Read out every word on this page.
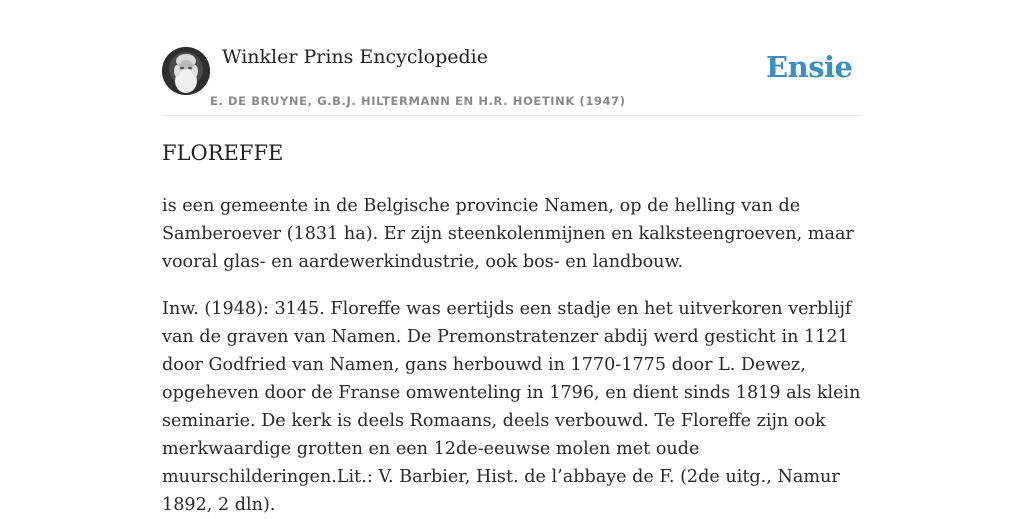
Winkler Prins Encyclopedie
E. DE BRUYNE, G.B.J. HILTERMANN EN H.R. HOETINK (1947)
Ensie
FLOREFFE

is een gemeente in de Belgische provincie Namen, op de helling van de Samberoever (1831 ha). Er zijn steenkolenmijnen en kalksteengroeven, maar vooral glas- en aardewerkindustrie, ook bos- en landbouw.

Inw. (1948): 3145. Floreffe was eertijds een stadje en het uitverkoren verblijf van de graven van Namen. De Premonstratenzer abdij werd gesticht in 1121 door Godfried van Namen, gans herbouwd in 1770-1775 door L. Dewez, opgeheven door de Franse omwenteling in 1796, en dient sinds 1819 als klein seminarie. De kerk is deels Romaans, deels verbouwd. Te Floreffe zijn ook merkwaardige grotten en een 12de-eeuwse molen met oude muurschilderingen.Lit.: V. Barbier, Hist. de l’abbaye de F. (2de uitg., Namur 1892, 2 dln).
